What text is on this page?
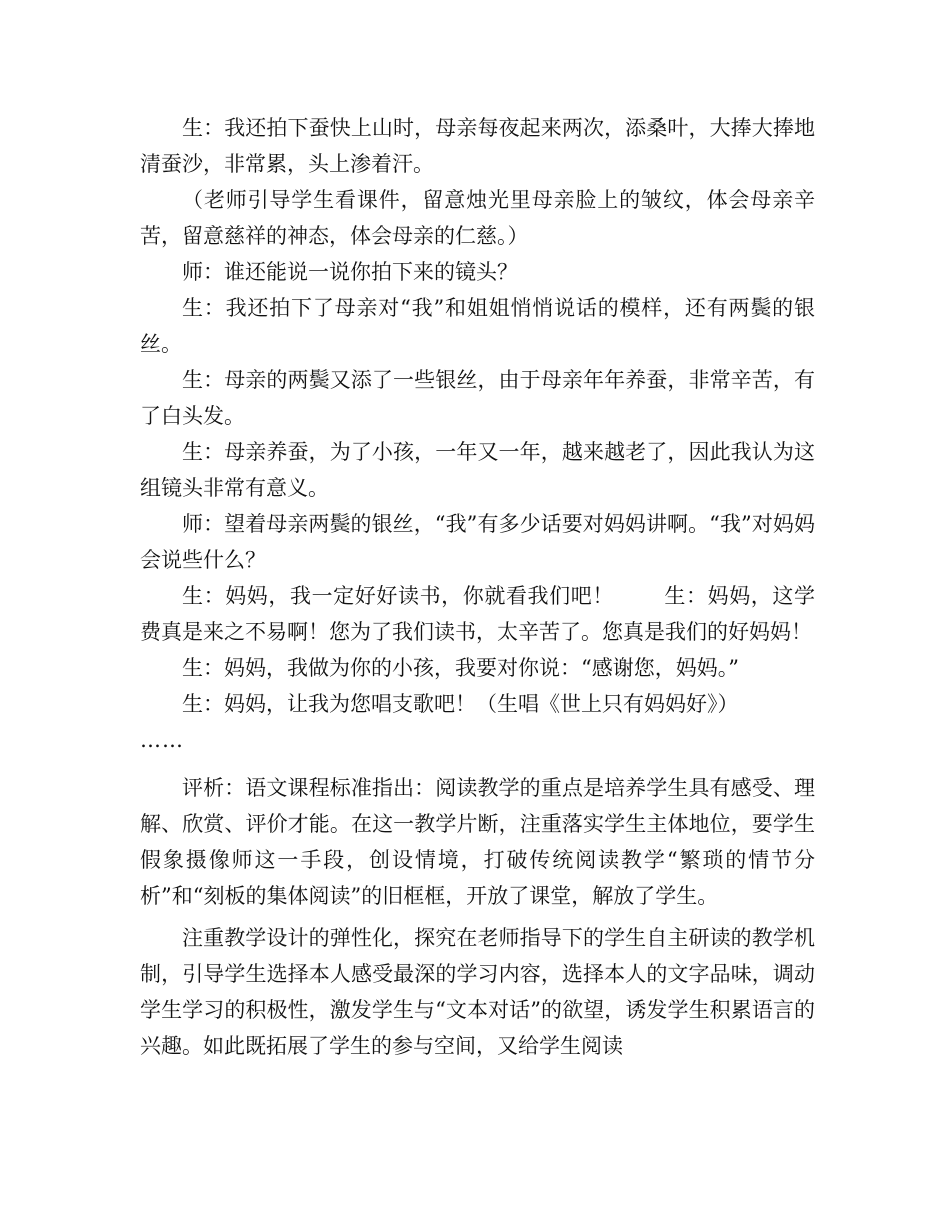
生：我还拍下蚕快上山时，母亲每夜起来两次，添桑叶，大捧大捧地清蚕沙，非常累，头上渗着汗。

（老师引导学生看课件，留意烛光里母亲脸上的皱纹，体会母亲辛苦，留意慈祥的神态，体会母亲的仁慈。）

师：谁还能说一说你拍下来的镜头？

生：我还拍下了母亲对“我”和姐姐悄悄说话的模样，还有两鬓的银丝。

生：母亲的两鬓又添了一些银丝，由于母亲年年养蚕，非常辛苦，有了白头发。

生：母亲养蚕，为了小孩，一年又一年，越来越老了，因此我认为这组镜头非常有意义。

师：望着母亲两鬓的银丝，“我”有多少话要对妈妈讲啊。“我”对妈妈会说些什么？

生：妈妈，我一定好好读书，你就看我们吧！　　 生：妈妈，这学费真是来之不易啊！您为了我们读书，太辛苦了。您真是我们的好妈妈！

生：妈妈，我做为你的小孩，我要对你说：“感谢您，妈妈。”

生：妈妈，让我为您唱支歌吧！（生唱《世上只有妈妈好》）

……

评析：语文课程标准指出：阅读教学的重点是培养学生具有感受、理解、欣赏、评价才能。在这一教学片断，注重落实学生主体地位，要学生假象摄像师这一手段，创设情境，打破传统阅读教学“繁琐的情节分析”和“刻板的集体阅读”的旧框框，开放了课堂，解放了学生。

注重教学设计的弹性化，探究在老师指导下的学生自主研读的教学机制，引导学生选择本人感受最深的学习内容，选择本人的文字品味，调动学生学习的积极性，激发学生与“文本对话”的欲望，诱发学生积累语言的兴趣。如此既拓展了学生的参与空间，又给学生阅读
